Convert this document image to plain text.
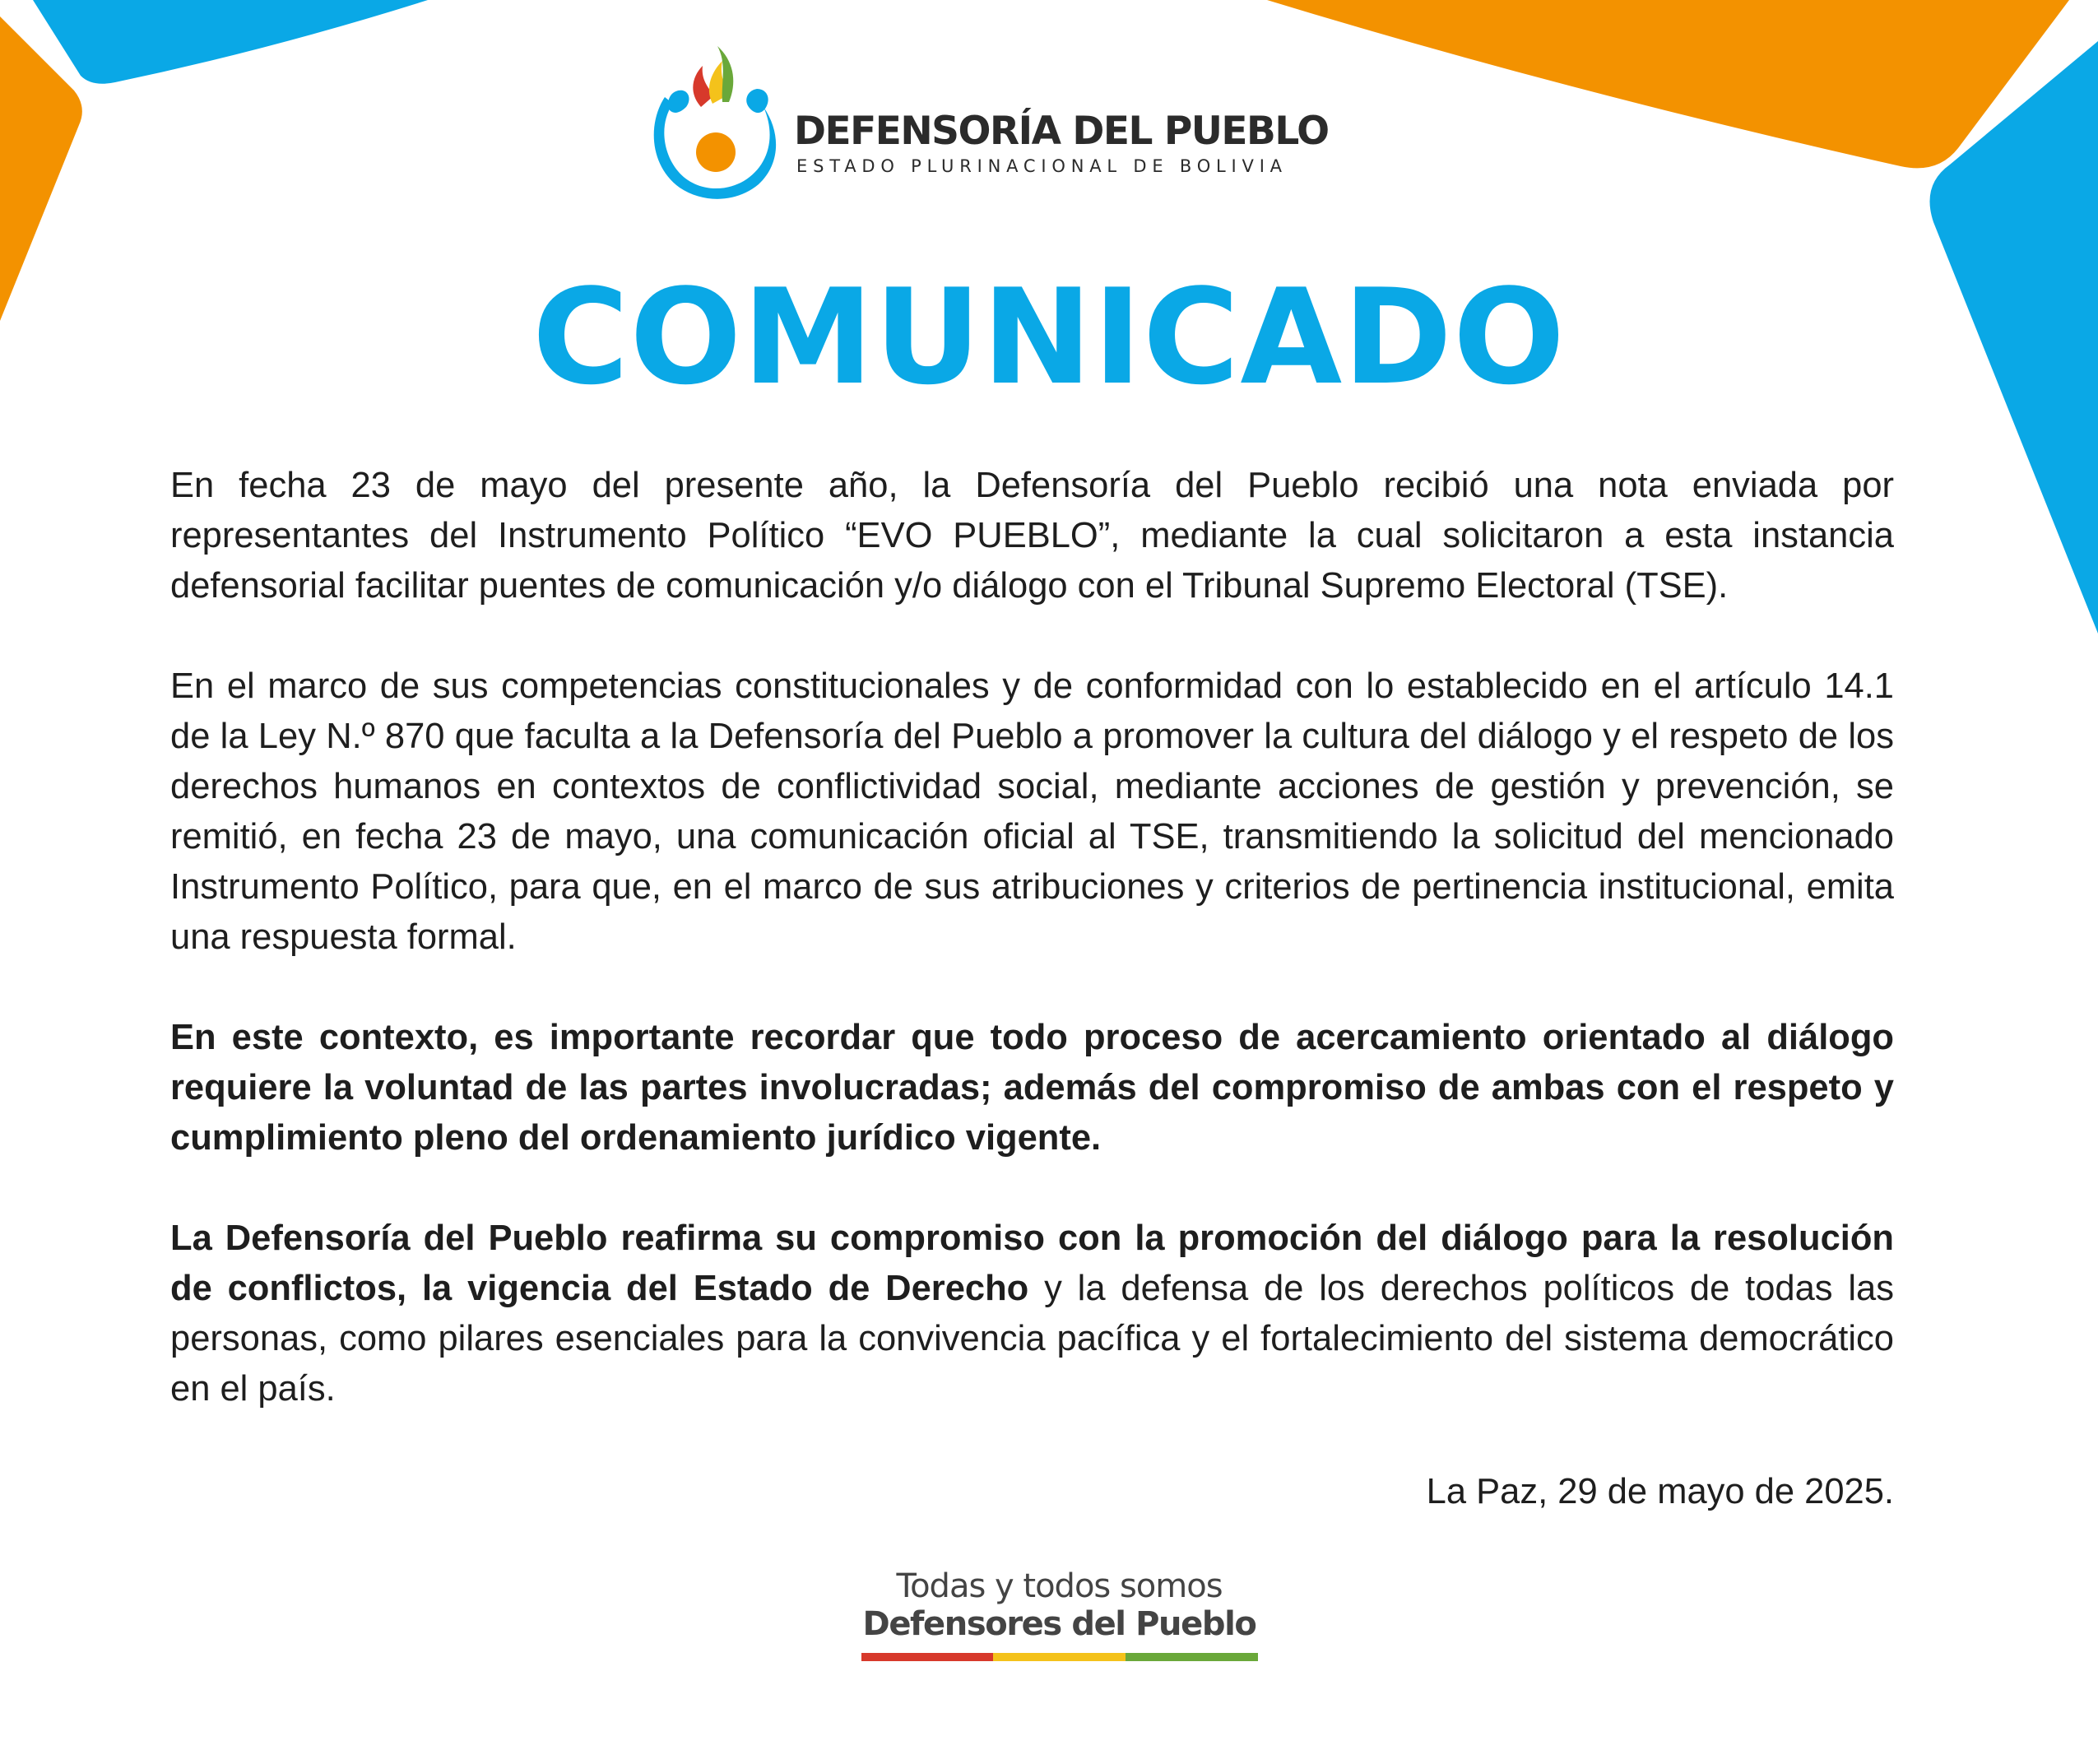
DEFENSORÍA DEL PUEBLO
ESTADO PLURINACIONAL DE BOLIVIA
COMUNICADO

En fecha 23 de mayo del presente año, la Defensoría del Pueblo recibió una nota enviada por representantes del Instrumento Político “EVO PUEBLO”, mediante la cual solicitaron a esta instancia defensorial facilitar puentes de comunicación y/o diálogo con el Tribunal Supremo Electoral (TSE).

En el marco de sus competencias constitucionales y de conformidad con lo establecido en el artículo 14.1 de la Ley N.º 870 que faculta a la Defensoría del Pueblo a promover la cultura del diálogo y el respeto de los derechos humanos en contextos de conflictividad social, mediante acciones de gestión y prevención, se remitió, en fecha 23 de mayo, una comunicación oficial al TSE, transmitiendo la solicitud del mencionado Instrumento Político, para que, en el marco de sus atribuciones y criterios de pertinencia institucional, emita una respuesta formal.

En este contexto, es importante recordar que todo proceso de acercamiento orientado al diálogo requiere la voluntad de las partes involucradas; además del compromiso de ambas con el respeto y cumplimiento pleno del ordenamiento jurídico vigente.

La Defensoría del Pueblo reafirma su compromiso con la promoción del diálogo para la resolución de conflictos, la vigencia del Estado de Derecho y la defensa de los derechos políticos de todas las personas, como pilares esenciales para la convivencia pacífica y el fortalecimiento del sistema democrático en el país.

La Paz, 29 de mayo de 2025.
Todas y todos somos
Defensores del Pueblo
